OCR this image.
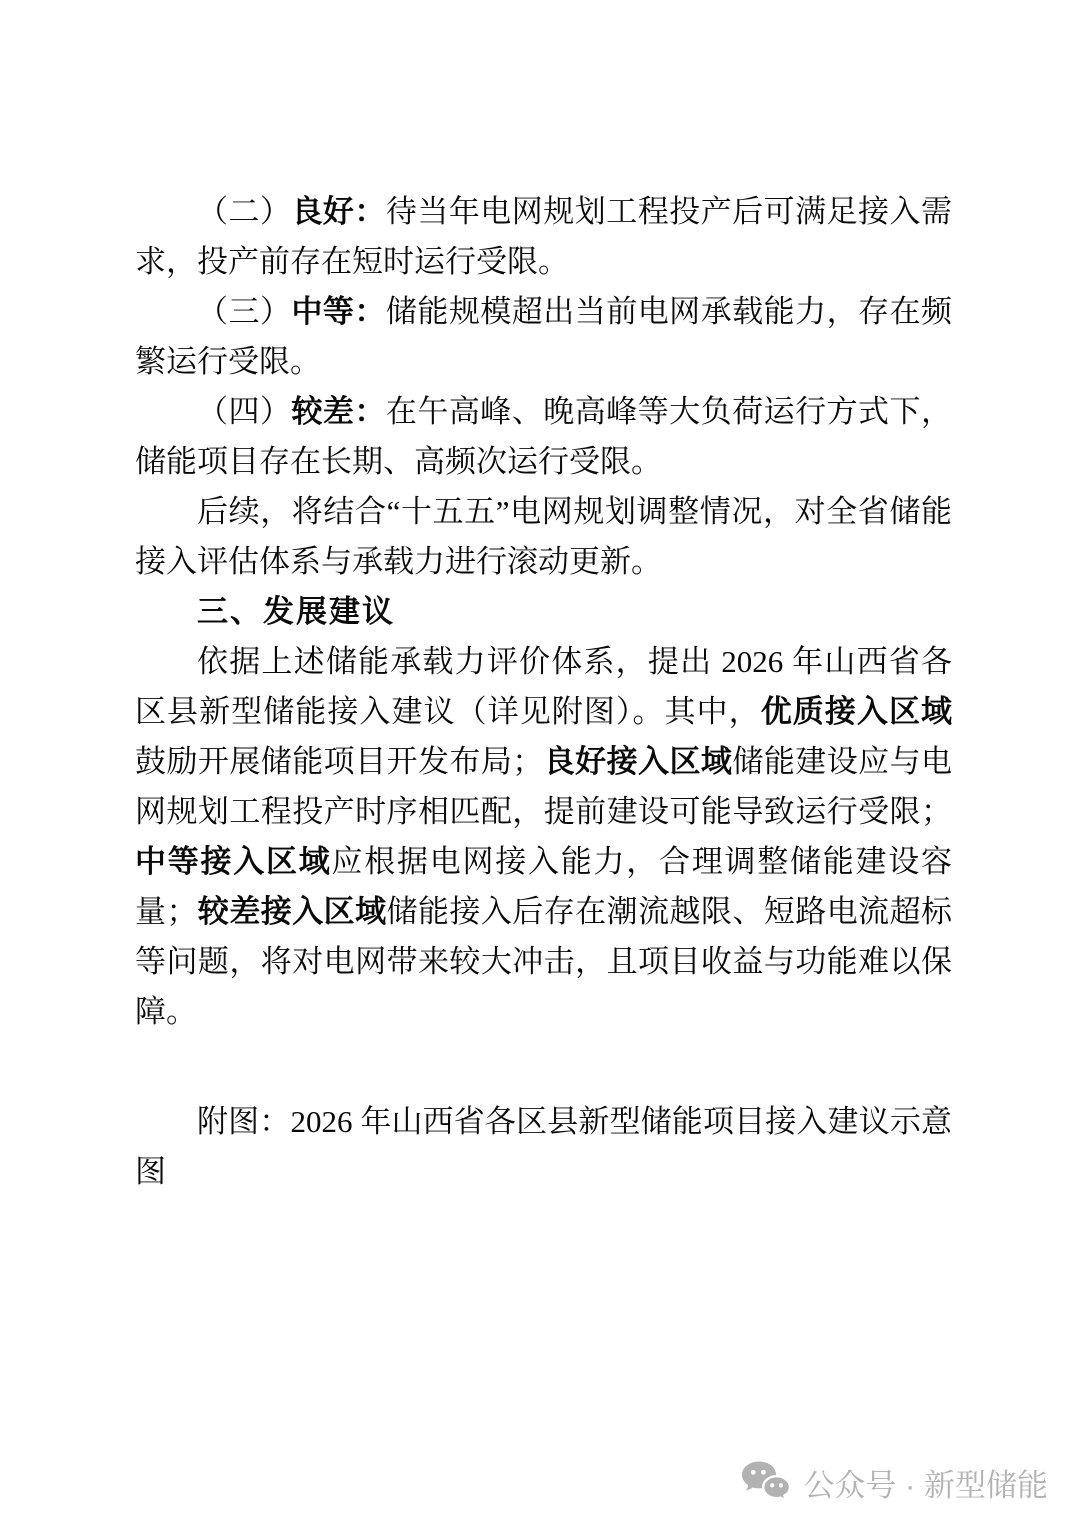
（二）良好：待当年电网规划工程投产后可满足接入需求，投产前存在短时运行受限。

（三）中等：储能规模超出当前电网承载能力，存在频繁运行受限。

（四）较差：在午高峰、晚高峰等大负荷运行方式下，储能项目存在长期、高频次运行受限。

后续，将结合“十五五”电网规划调整情况，对全省储能接入评估体系与承载力进行滚动更新。

三、发展建议

依据上述储能承载力评价体系，提出 2026 年山西省各区县新型储能接入建议（详见附图）。其中，优质接入区域鼓励开展储能项目开发布局；良好接入区域储能建设应与电网规划工程投产时序相匹配，提前建设可能导致运行受限；中等接入区域应根据电网接入能力，合理调整储能建设容量；较差接入区域储能接入后存在潮流越限、短路电流超标等问题，将对电网带来较大冲击，且项目收益与功能难以保障。

附图：2026 年山西省各区县新型储能项目接入建议示意图

公众号 · 新型储能
